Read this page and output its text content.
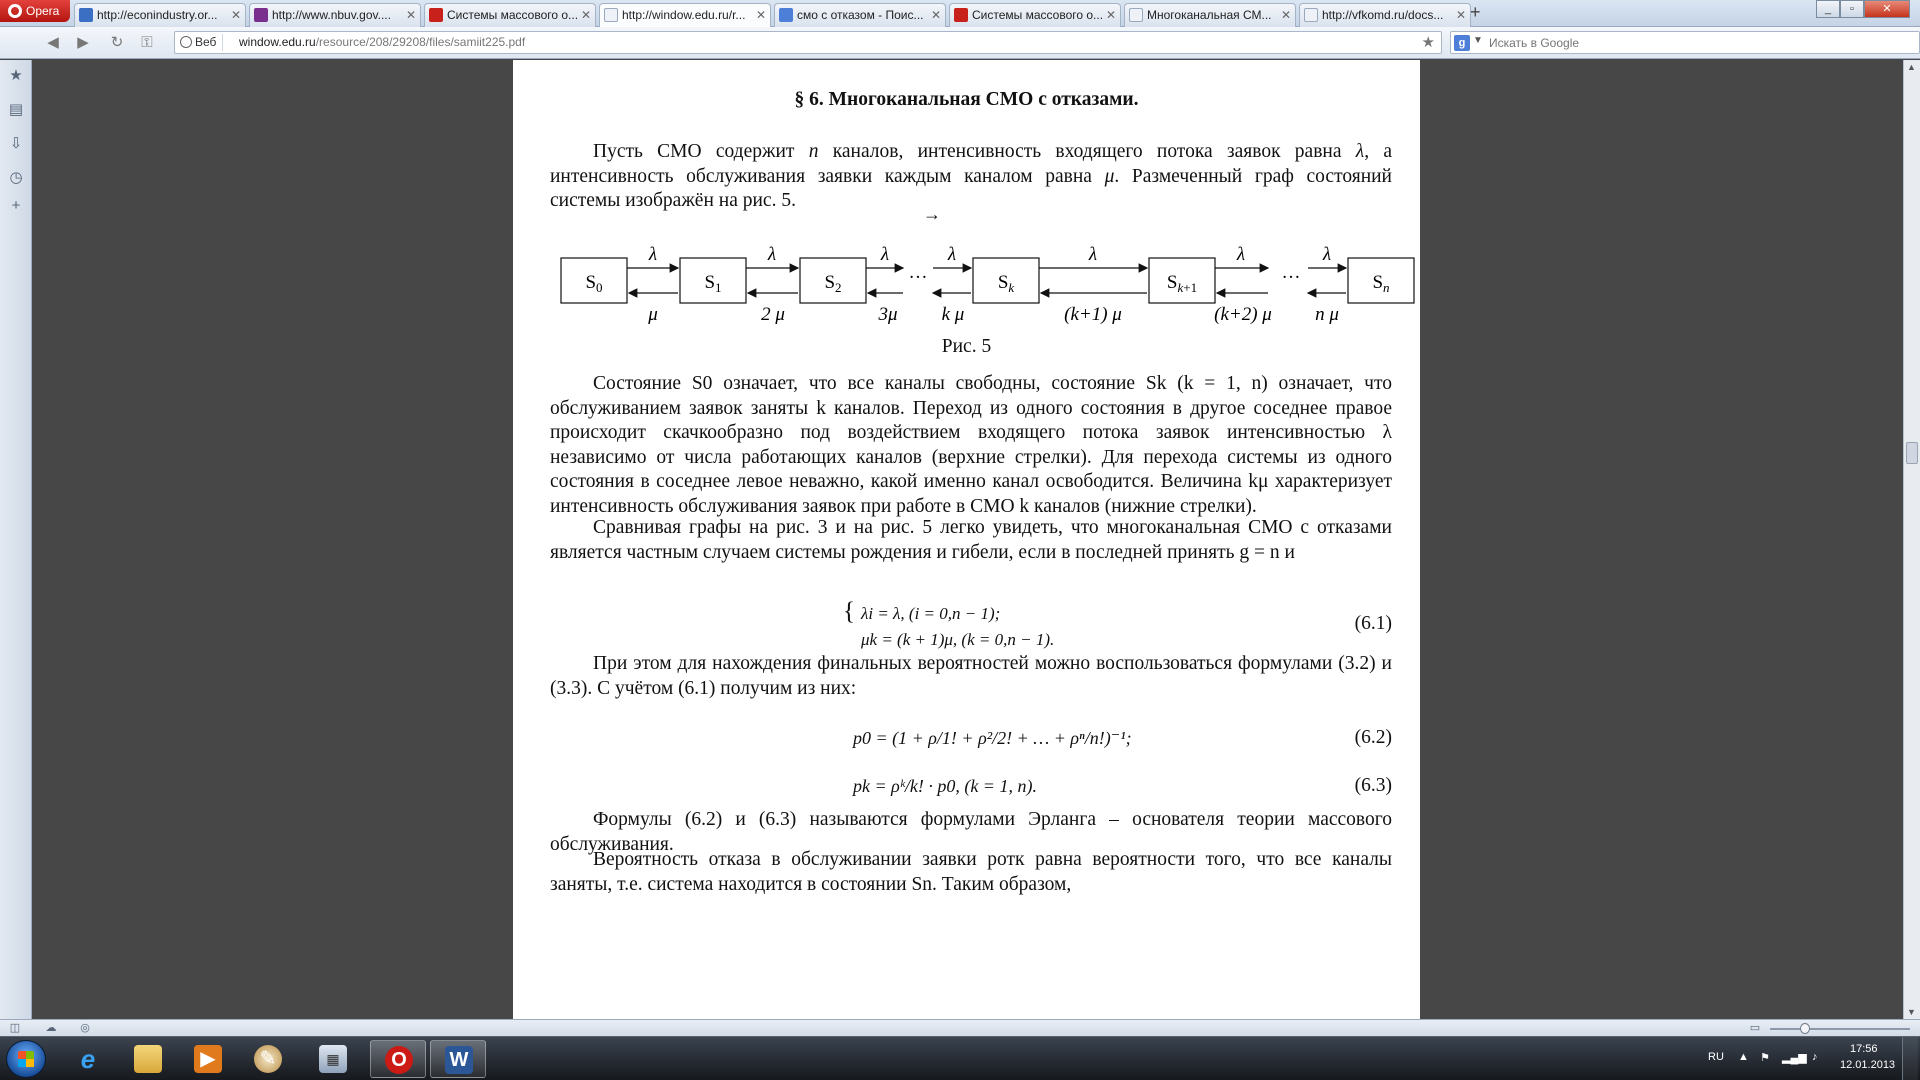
Opera	http://econindustry.or... ✕	http://www.nbuv.gov.... ✕	Системы массового о... ✕	http://window.edu.ru/r... ✕	смо с отказом - Поис... ✕	Системы массового о... ✕	Многоканальная СМ... ✕	http://vfkomd.ru/docs... ✕ +	_	▫	✕
◀	▶	↻	⚿	Веб	window.edu.ru/resource/208/29208/files/samiit225.pdf	★	g ▼
Искать в Google
★
▤
⇩
◷
+
§ 6. Многоканальная СМО с отказами.
Пусть СМО содержит n каналов, интенсивность входящего потока заявок равна λ, а интенсивность обслуживания заявки каждым каналом равна μ. Размеченный граф состояний системы изображён на рис. 5.
→
$S_0$	$S_1$	$S_2$	$S_k$	$S_{k+1}$	$S_n$
λ	λ	λ	λ	λ	λ	λ
μ	2 μ	3μ k μ	(k+1) μ	(k+2) μ n μ
…	…
Рис. 5
Состояние S0 означает, что все каналы свободны, состояние Sk (k = 1, n) означает, что обслуживанием заявок заняты k каналов. Переход из одного состояния в другое соседнее правое происходит скачкообразно под воздействием входящего потока заявок интенсивностью λ независимо от числа работающих каналов (верхние стрелки). Для перехода системы из одного состояния в соседнее левое неважно, какой именно канал освободится. Величина kμ характеризует интенсивность обслуживания заявок при работе в СМО k каналов (нижние стрелки).
Сравнивая графы на рис. 3 и на рис. 5 легко увидеть, что многоканальная СМО с отказами является частным случаем системы рождения и гибели, если в последней принять g = n и
{ λi = λ, (i = 0,n − 1);
μk = (k + 1)μ, (k = 0,n − 1).
(6.1)
При этом для нахождения финальных вероятностей можно воспользоваться формулами (3.2) и (3.3). С учётом (6.1) получим из них:
p0 = (1 + ρ/1! + ρ²/2! + … + ρⁿ/n!)⁻¹;	(6.2)
pk = ρᵏ/k! · p0, (k = 1, n).	(6.3)
Формулы (6.2) и (6.3) называются формулами Эрланга – основателя теории массового обслуживания.
Вероятность отказа в обслуживании заявки pотк равна вероятности того, что все каналы заняты, т.е. система находится в состоянии Sn. Таким образом,
▲
▼
◫ ☁ ◎	▭
e	▶	✎	▦	O	W	RU ▲ ⚑ ▂▄▆ ♪
17:56
12.01.2013
